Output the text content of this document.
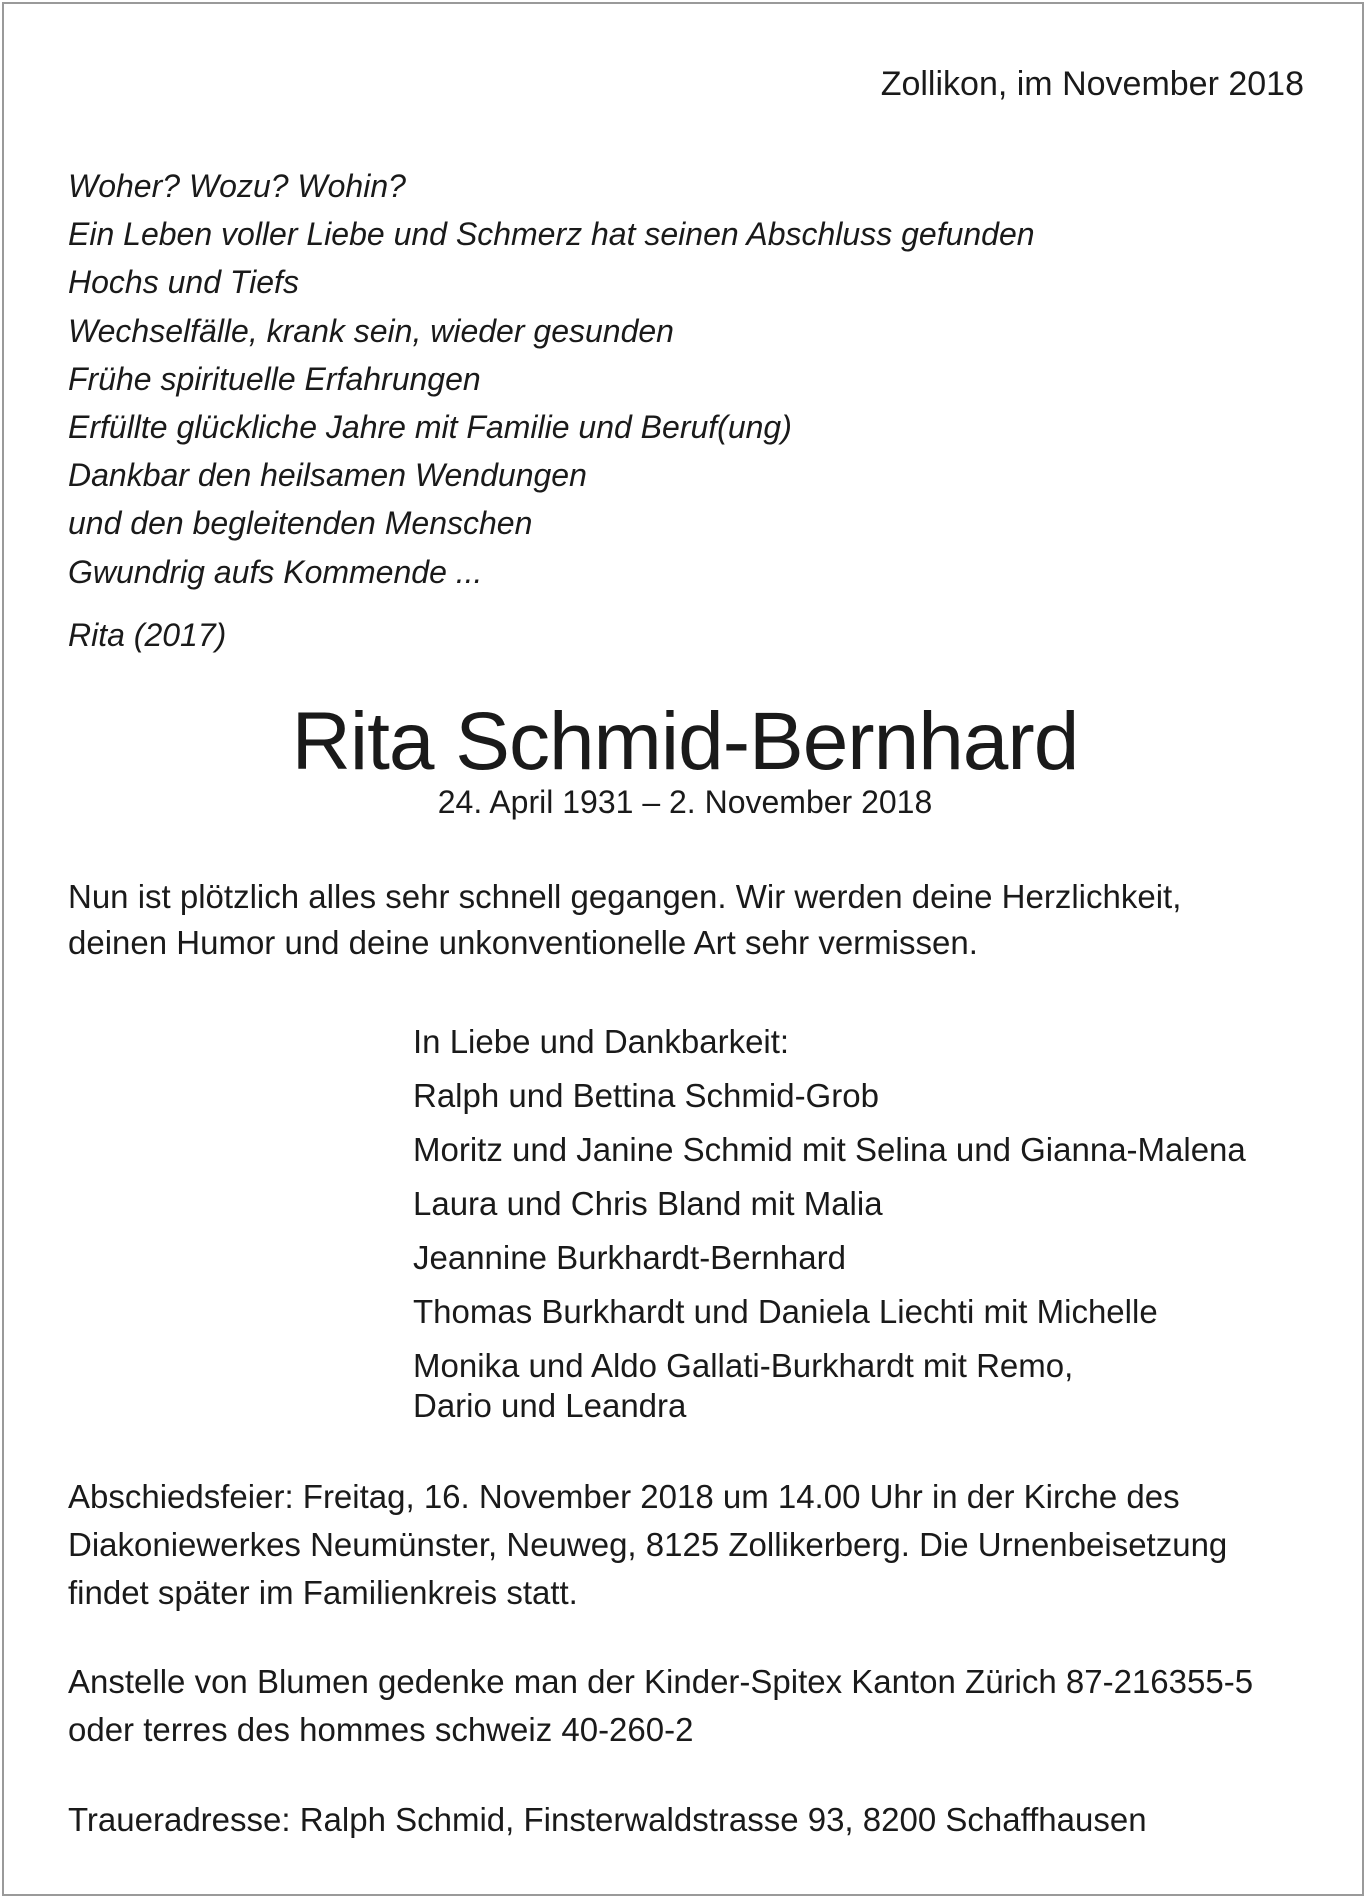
Zollikon, im November 2018
Woher? Wozu? Wohin?
Ein Leben voller Liebe und Schmerz hat seinen Abschluss gefunden
Hochs und Tiefs
Wechselfälle, krank sein, wieder gesunden
Frühe spirituelle Erfahrungen
Erfüllte glückliche Jahre mit Familie und Beruf(ung)
Dankbar den heilsamen Wendungen
und den begleitenden Menschen
Gwundrig aufs Kommende ...
Rita (2017)
Rita Schmid-Bernhard
24. April 1931 – 2. November 2018
Nun ist plötzlich alles sehr schnell gegangen. Wir werden deine Herzlichkeit,
deinen Humor und deine unkonventionelle Art sehr vermissen.
In Liebe und Dankbarkeit:
Ralph und Bettina Schmid-Grob
Moritz und Janine Schmid mit Selina und Gianna-Malena
Laura und Chris Bland mit Malia
Jeannine Burkhardt-Bernhard
Thomas Burkhardt und Daniela Liechti mit Michelle
Monika und Aldo Gallati-Burkhardt mit Remo,
Dario und Leandra
Abschiedsfeier: Freitag, 16. November 2018 um 14.00 Uhr in der Kirche des
Diakoniewerkes Neumünster, Neuweg, 8125 Zollikerberg. Die Urnenbeisetzung
findet später im Familienkreis statt.
Anstelle von Blumen gedenke man der Kinder-Spitex Kanton Zürich 87-216355-5
oder terres des hommes schweiz 40-260-2
Traueradresse: Ralph Schmid, Finsterwaldstrasse 93, 8200 Schaffhausen
